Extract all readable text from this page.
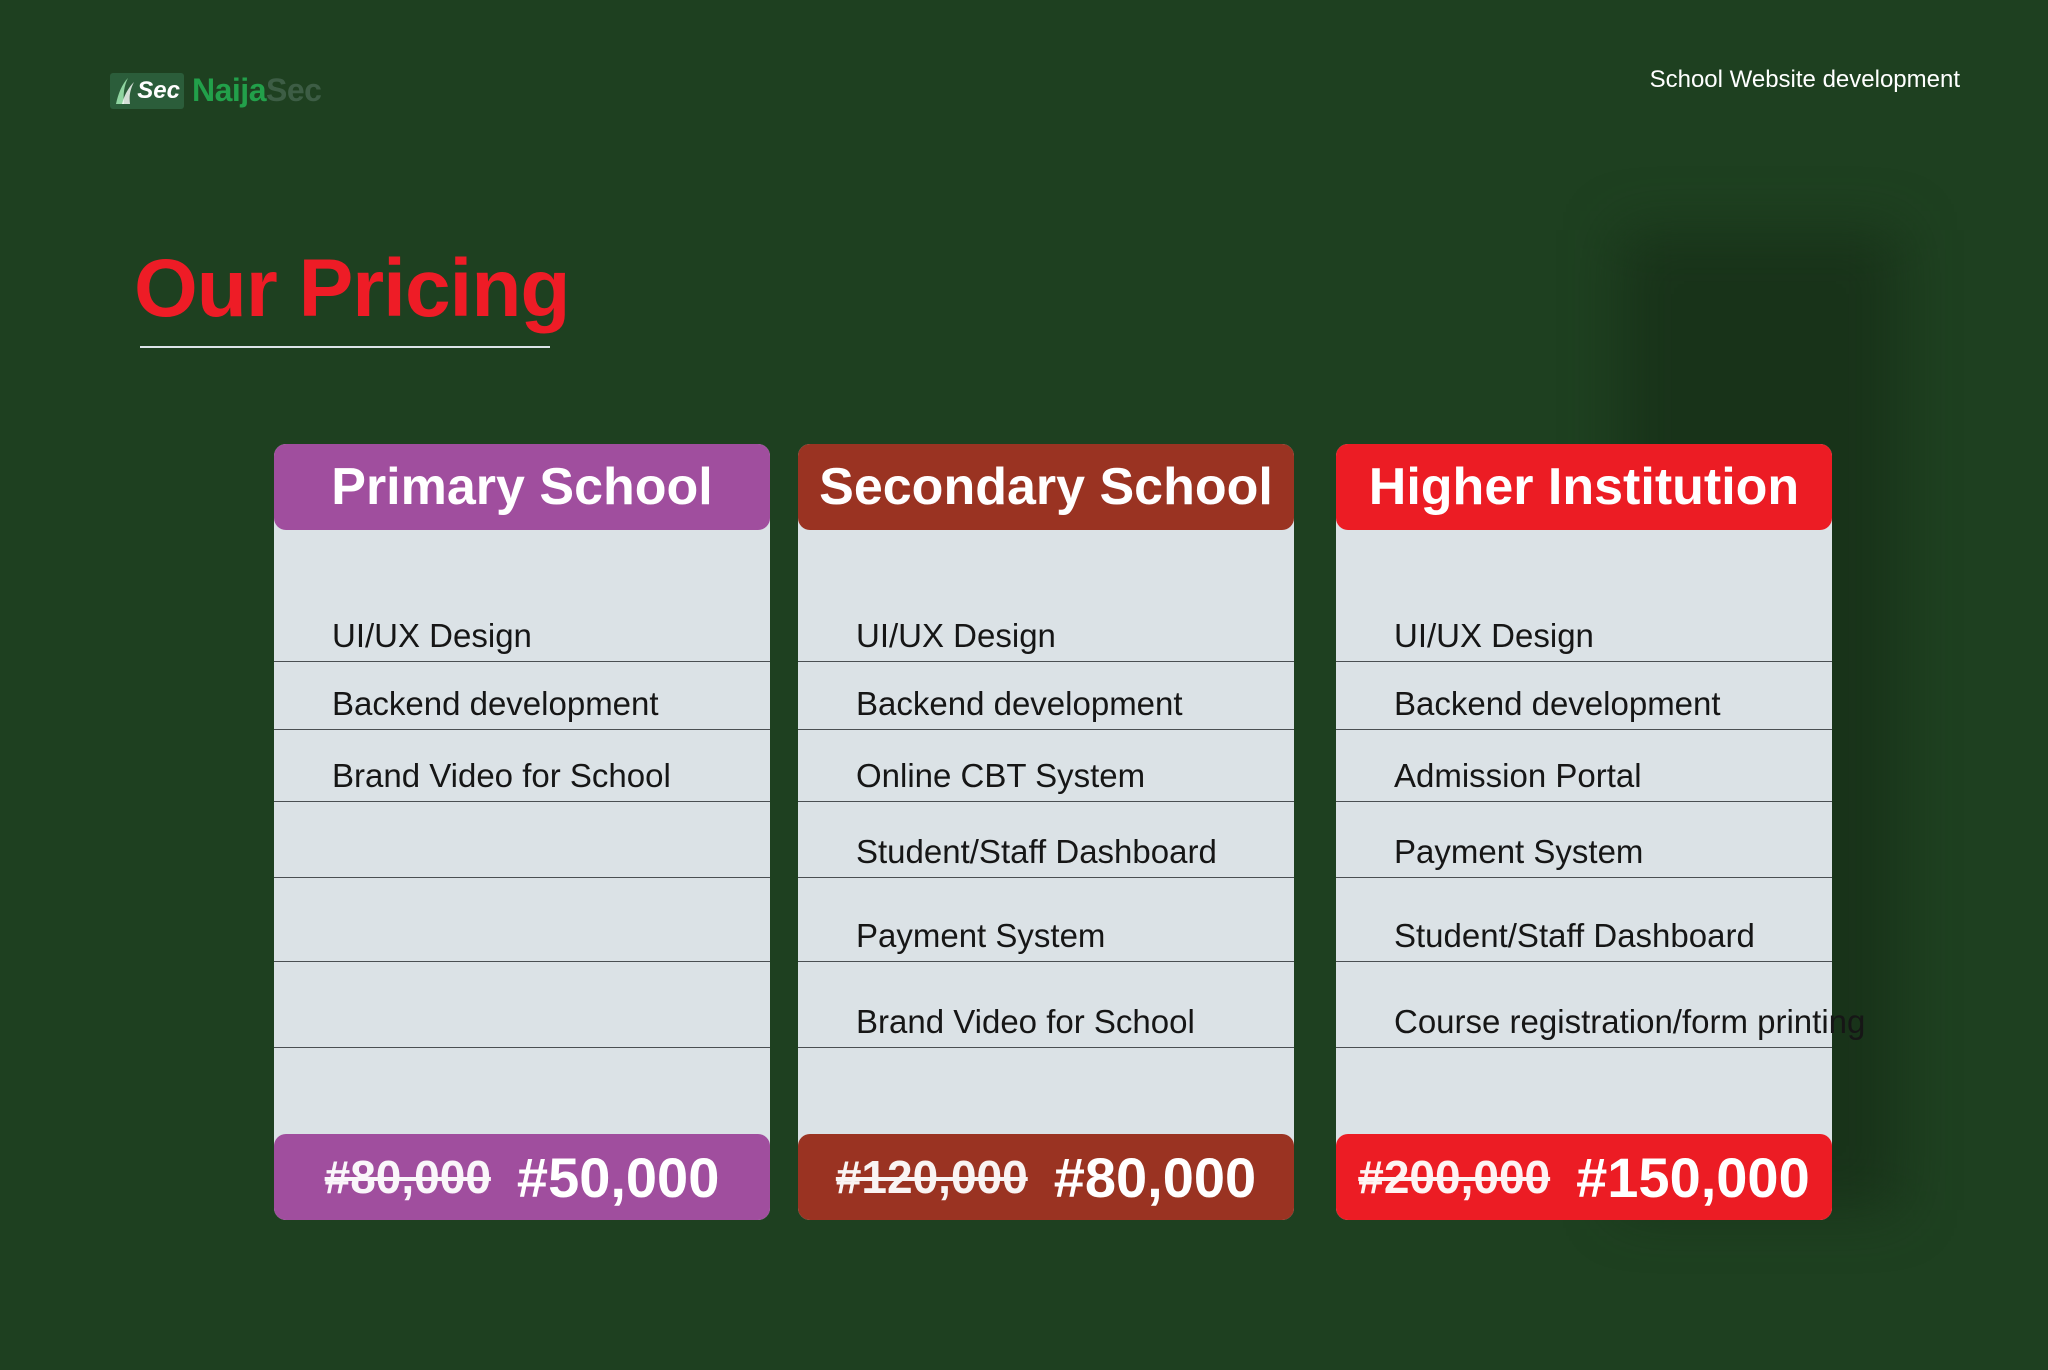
Sec NaijaSec	School Website development
Our Pricing
Primary School
UI/UX Design
Backend development
Brand Video for School
#80,000 #50,000
Secondary School
UI/UX Design
Backend development
Online CBT System
Student/Staff Dashboard
Payment System
Brand Video for School
#120,000 #80,000
Higher Institution
UI/UX Design
Backend development
Admission Portal
Payment System
Student/Staff Dashboard
Course registration/form printing
#200,000 #150,000
